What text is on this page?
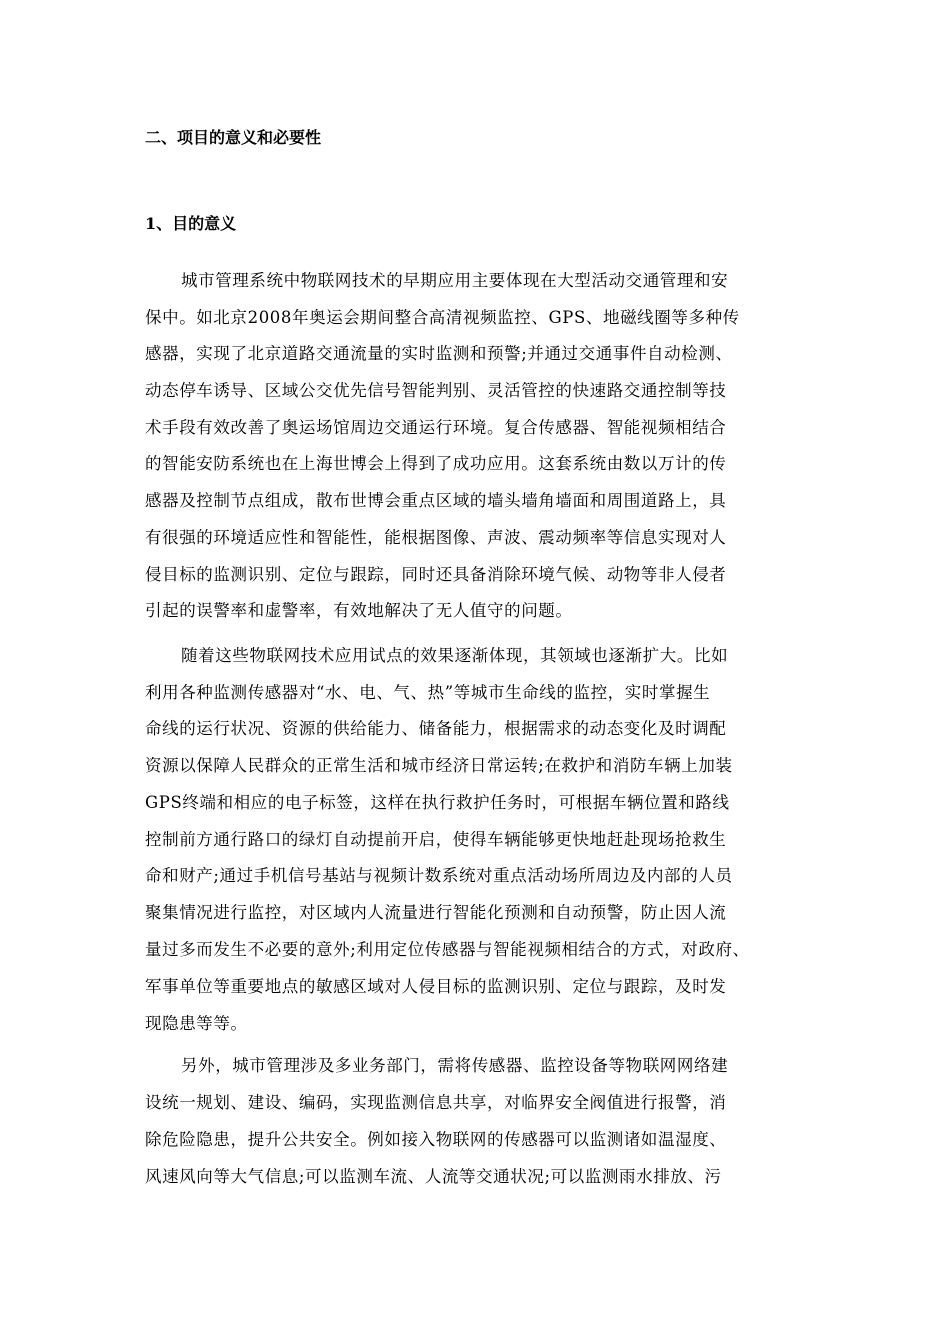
二、项目的意义和必要性
1、目的意义
城市管理系统中物联网技术的早期应用主要体现在大型活动交通管理和安
保中。如北京2008年奥运会期间整合高清视频监控、GPS、地磁线圈等多种传
感器，实现了北京道路交通流量的实时监测和预警;并通过交通事件自动检测、
动态停车诱导、区域公交优先信号智能判别、灵活管控的快速路交通控制等技
术手段有效改善了奥运场馆周边交通运行环境。复合传感器、智能视频相结合
的智能安防系统也在上海世博会上得到了成功应用。这套系统由数以万计的传
感器及控制节点组成，散布世博会重点区域的墙头墙角墙面和周围道路上，具
有很强的环境适应性和智能性，能根据图像、声波、震动频率等信息实现对人
侵目标的监测识别、定位与跟踪，同时还具备消除环境气候、动物等非人侵者
引起的误警率和虚警率，有效地解决了无人值守的问题。
随着这些物联网技术应用试点的效果逐渐体现，其领域也逐渐扩大。比如
利用各种监测传感器对“水、电、气、热”等城市生命线的监控，实时掌握生
命线的运行状况、资源的供给能力、储备能力，根据需求的动态变化及时调配
资源以保障人民群众的正常生活和城市经济日常运转;在救护和消防车辆上加装
GPS终端和相应的电子标签，这样在执行救护任务时，可根据车辆位置和路线
控制前方通行路口的绿灯自动提前开启，使得车辆能够更快地赶赴现场抢救生
命和财产;通过手机信号基站与视频计数系统对重点活动场所周边及内部的人员
聚集情况进行监控，对区域内人流量进行智能化预测和自动预警，防止因人流
量过多而发生不必要的意外;利用定位传感器与智能视频相结合的方式，对政府、
军事单位等重要地点的敏感区域对人侵目标的监测识别、定位与跟踪，及时发
现隐患等等。
另外，城市管理涉及多业务部门，需将传感器、监控设备等物联网网络建
设统一规划、建设、编码，实现监测信息共享，对临界安全阀值进行报警，消
除危险隐患，提升公共安全。例如接入物联网的传感器可以监测诸如温湿度、
风速风向等大气信息;可以监测车流、人流等交通状况;可以监测雨水排放、污
